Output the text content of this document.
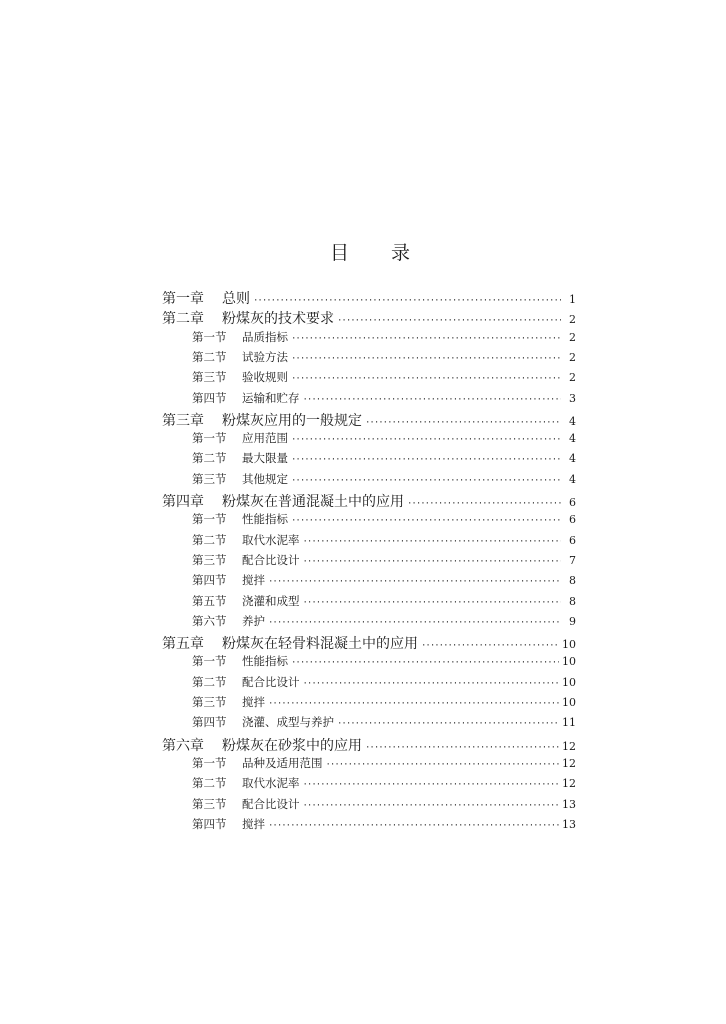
目 录
第一章	总则 ·····	1
第二章	粉煤灰的技术要求 ·····	2
第一节	品质指标 ·····	2
第二节	试验方法 ·····	2
第三节	验收规则 ·····	2
第四节	运输和贮存 ·····	3
第三章	粉煤灰应用的一般规定 ·····	4
第一节	应用范围 ·····	4
第二节	最大限量 ·····	4
第三节	其他规定 ·····	4
第四章	粉煤灰在普通混凝土中的应用 ·····	6
第一节	性能指标 ·····	6
第二节	取代水泥率 ·····	6
第三节	配合比设计 ·····	7
第四节	搅拌 ·····	8
第五节	浇灌和成型 ·····	8
第六节	养护 ·····	9
第五章	粉煤灰在轻骨料混凝土中的应用 ·····	10
第一节	性能指标 ·····	10
第二节	配合比设计 ·····	10
第三节	搅拌 ·····	10
第四节	浇灌、成型与养护 ·····	11
第六章	粉煤灰在砂浆中的应用 ·····	12
第一节	品种及适用范围 ·····	12
第二节	取代水泥率 ·····	12
第三节	配合比设计 ·····	13
第四节	搅拌 ·····	13
